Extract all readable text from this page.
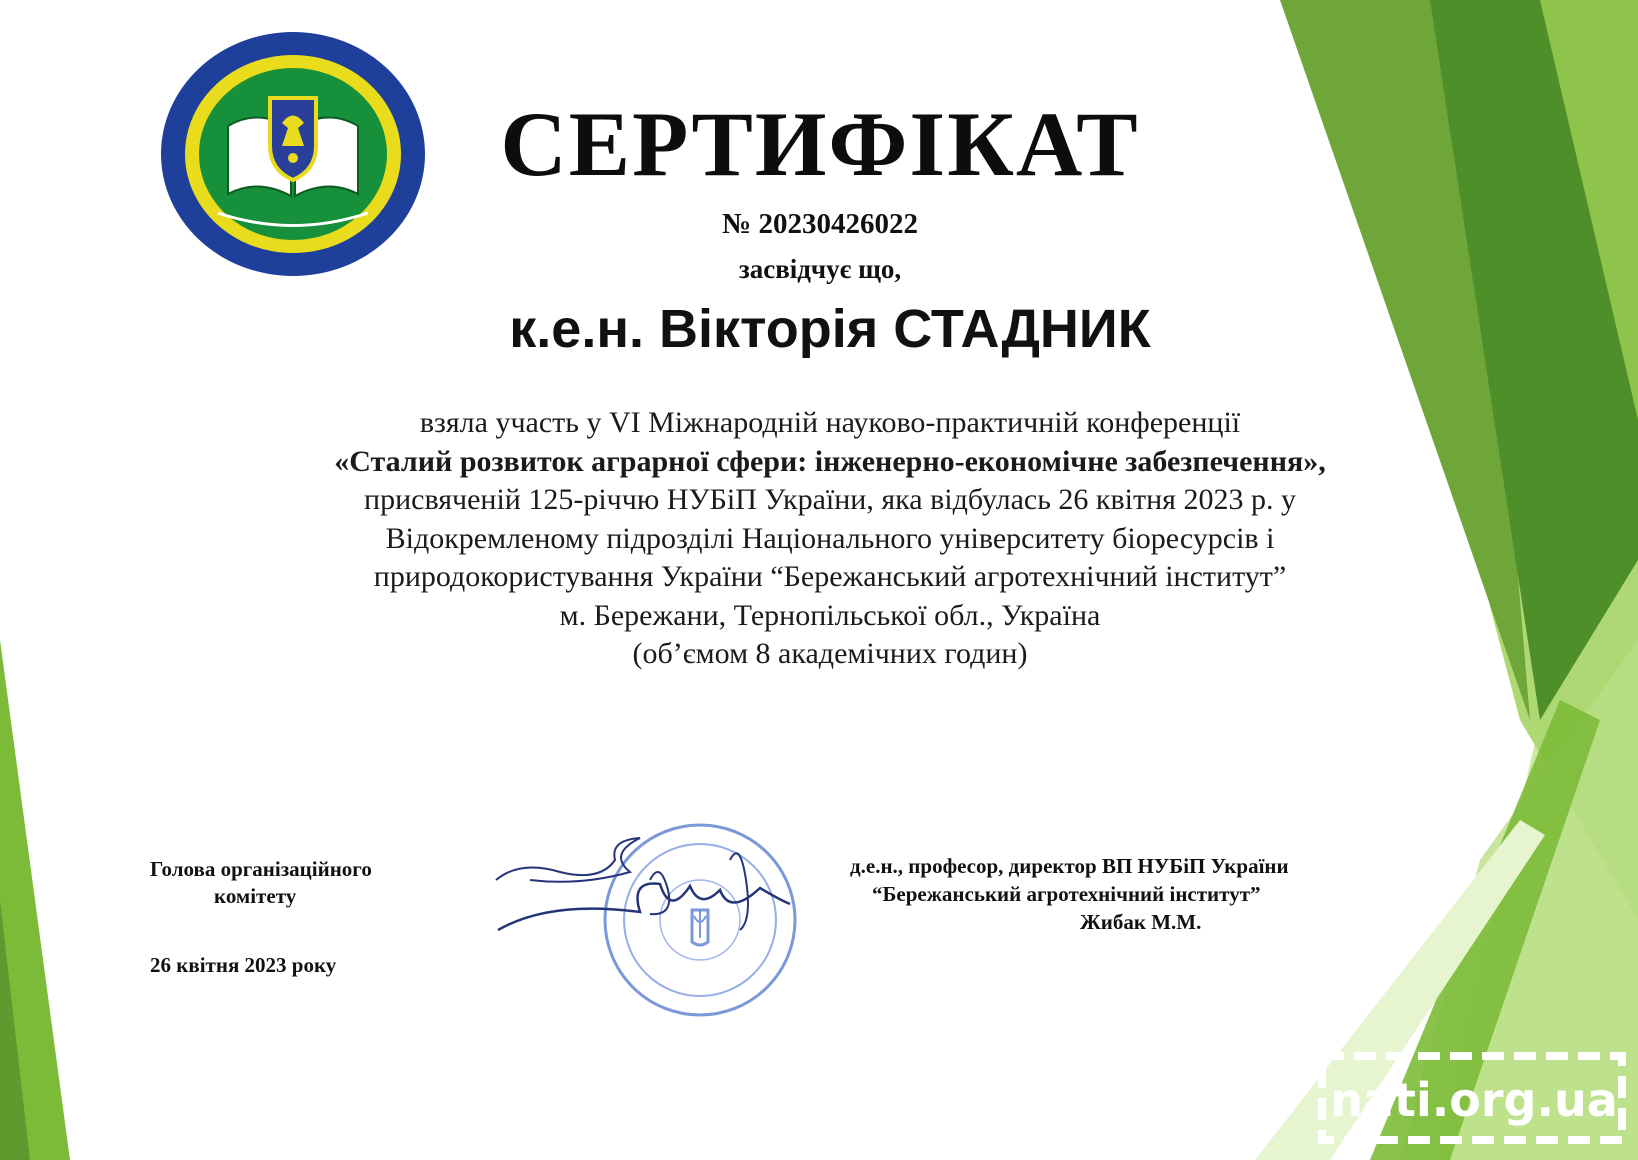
СЕРТИФІКАТ
№ 20230426022
засвідчує що,
к.е.н. Вікторія СТАДНИК
взяла участь у VI Міжнародній науково-практичній конференції
«Сталий розвиток аграрної сфери: інженерно-економічне забезпечення»,
присвяченій 125-річчю НУБіП України, яка відбулась 26 квітня 2023 р. у
Відокремленому підрозділі Національного університету біоресурсів і
природокористування України “Бережанський агротехнічний інститут”
м. Бережани, Тернопільської обл., Україна
(об’ємом 8 академічних годин)
Голова організаційного
комітету
26 квітня 2023 року
д.е.н., професор, директор ВП НУБіП України
“Бережанський агротехнічний інститут”
Жибак М.М.
nati.org.ua
